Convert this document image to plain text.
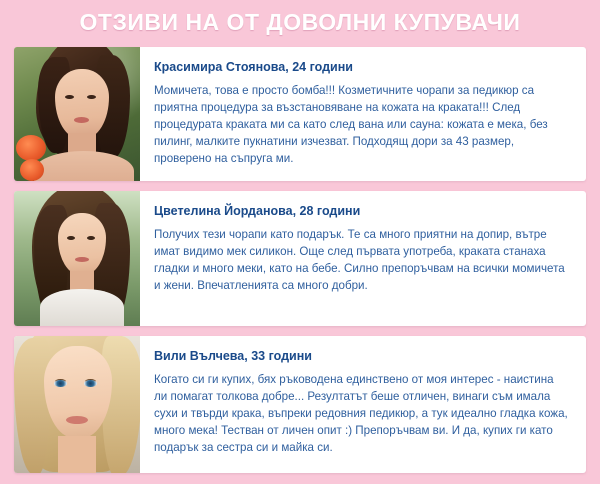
ОТЗИВИ НА ОТ ДОВОЛНИ КУПУВАЧИ

Красимира Стоянова, 24 години

Момичета, това е просто бомба!!! Козметичните чорапи за педикюр са приятна процедура за възстановяване на кожата на краката!!! След процедурата краката ми са като след вана или сауна: кожата е мека, без пилинг, малките пукнатини изчезват. Подходящ дори за 43 размер, проверено на съпруга ми.

Цветелина Йорданова, 28 години

Получих тези чорапи като подарък. Те са много приятни на допир, вътре имат видимо мек силикон. Още след първата употреба, краката станаха гладки и много меки, като на бебе. Силно препоръчвам на всички момичета и жени. Впечатленията са много добри.

Вили Вълчева, 33 години

Когато си ги купих, бях ръководена единствено от моя интерес - наистина ли помагат толкова добре... Резултатът беше отличен, винаги съм имала сухи и твърди крака, въпреки редовния педикюр, а тук идеално гладка кожа, много мека! Тестван от личен опит :) Препоръчвам ви. И да, купих ги като подарък за сестра си и майка си.
